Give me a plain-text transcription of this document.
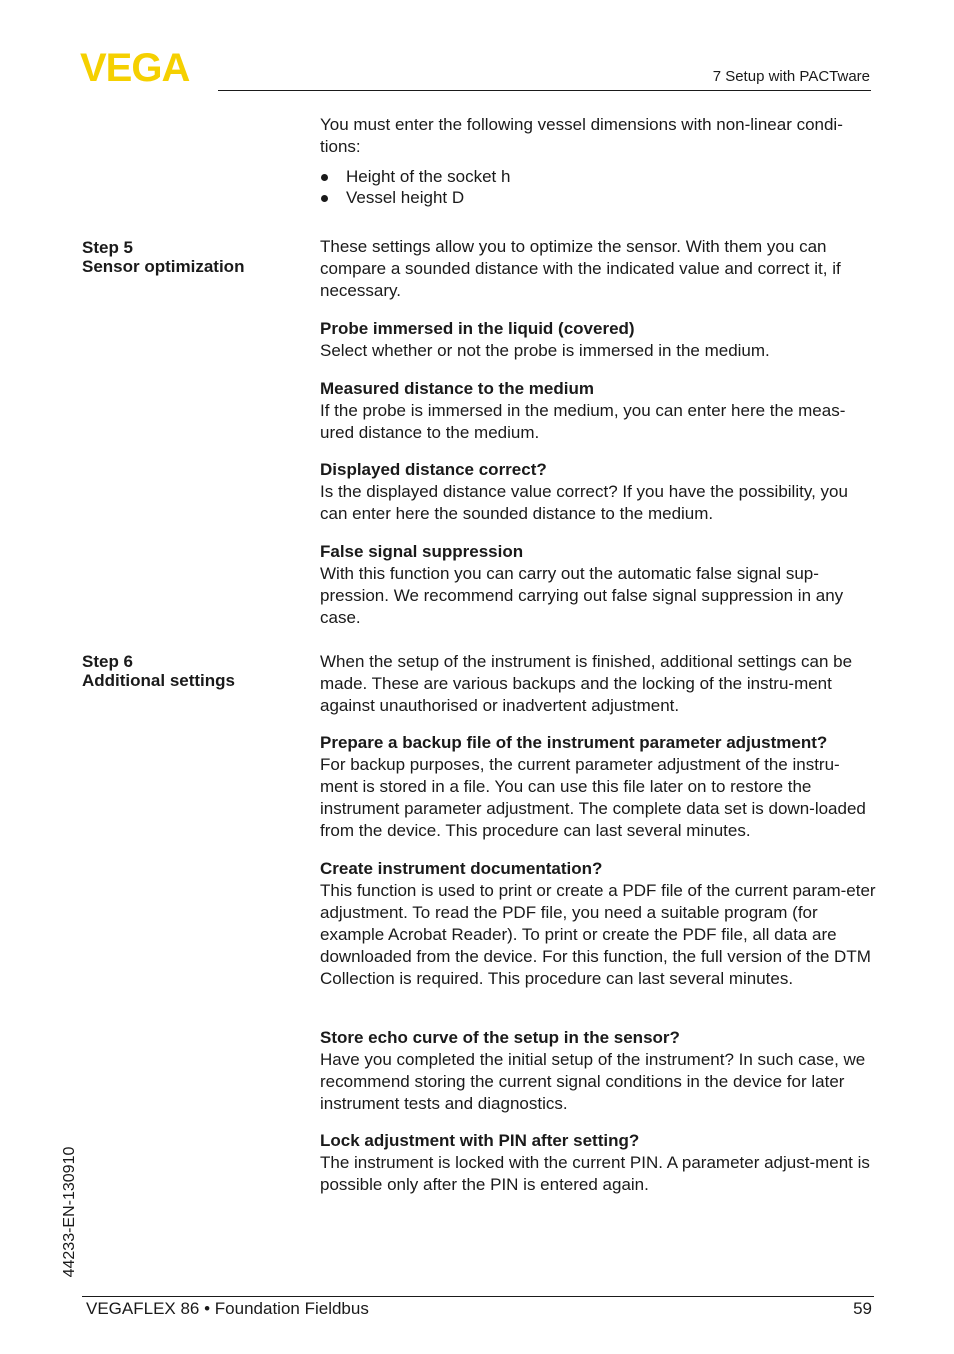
VEGA	7 Setup with PACTware

You must enter the following vessel dimensions with non-linear condi-tions:

Height of the socket h
Vessel height D
Step 5
Sensor optimization

These settings allow you to optimize the sensor. With them you can compare a sounded distance with the indicated value and correct it, if necessary.

Probe immersed in the liquid (covered)

Select whether or not the probe is immersed in the medium.

Measured distance to the medium

If the probe is immersed in the medium, you can enter here the meas-ured distance to the medium.

Displayed distance correct?

Is the displayed distance value correct? If you have the possibility, you can enter here the sounded distance to the medium.

False signal suppression

With this function you can carry out the automatic false signal sup-pression. We recommend carrying out false signal suppression in any case.

Step 6
Additional settings

When the setup of the instrument is finished, additional settings can be made. These are various backups and the locking of the instru-ment against unauthorised or inadvertent adjustment.

Prepare a backup file of the instrument parameter adjustment?

For backup purposes, the current parameter adjustment of the instru-ment is stored in a file. You can use this file later on to restore the instrument parameter adjustment. The complete data set is down-loaded from the device. This procedure can last several minutes.

Create instrument documentation?

This function is used to print or create a PDF file of the current param-eter adjustment. To read the PDF file, you need a suitable program (for example Acrobat Reader). To print or create the PDF file, all data are downloaded from the device. For this function, the full version of the DTM Collection is required. This procedure can last several minutes.

Store echo curve of the setup in the sensor?

Have you completed the initial setup of the instrument? In such case, we recommend storing the current signal conditions in the device for later instrument tests and diagnostics.

Lock adjustment with PIN after setting?

The instrument is locked with the current PIN. A parameter adjust-ment is possible only after the PIN is entered again.

44233-EN-130910
VEGAFLEX 86 • Foundation Fieldbus	59
